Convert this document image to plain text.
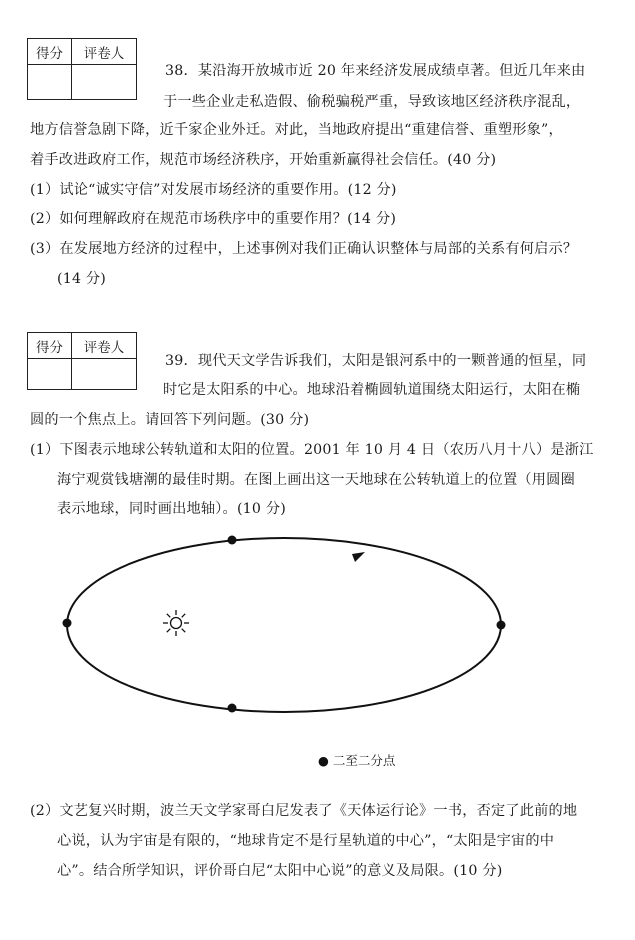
得分	评卷人

38．某沿海开放城市近 20 年来经济发展成绩卓著。但近几年来由
于一些企业走私造假、偷税骗税严重，导致该地区经济秩序混乱，
地方信誉急剧下降，近千家企业外迁。对此，当地政府提出“重建信誉、重塑形象”，
着手改进政府工作，规范市场经济秩序，开始重新赢得社会信任。(40 分)
(1）试论“诚实守信”对发展市场经济的重要作用。(12 分)
(2）如何理解政府在规范市场秩序中的重要作用？(14 分)
(3）在发展地方经济的过程中，上述事例对我们正确认识整体与局部的关系有何启示？
(14 分)
得分	评卷人

39．现代天文学告诉我们，太阳是银河系中的一颗普通的恒星，同
时它是太阳系的中心。地球沿着椭圆轨道围绕太阳运行，太阳在椭
圆的一个焦点上。请回答下列问题。(30 分)
(1）下图表示地球公转轨道和太阳的位置。2001 年 10 月 4 日（农历八月十八）是浙江
海宁观赏钱塘潮的最佳时期。在图上画出这一天地球在公转轨道上的位置（用圆圈
表示地球，同时画出地轴）。(10 分)
● 二至二分点
(2）文艺复兴时期，波兰天文学家哥白尼发表了《天体运行论》一书，否定了此前的地
心说，认为宇宙是有限的，“地球肯定不是行星轨道的中心”，“太阳是宇宙的中
心”。结合所学知识，评价哥白尼“太阳中心说”的意义及局限。(10 分)
